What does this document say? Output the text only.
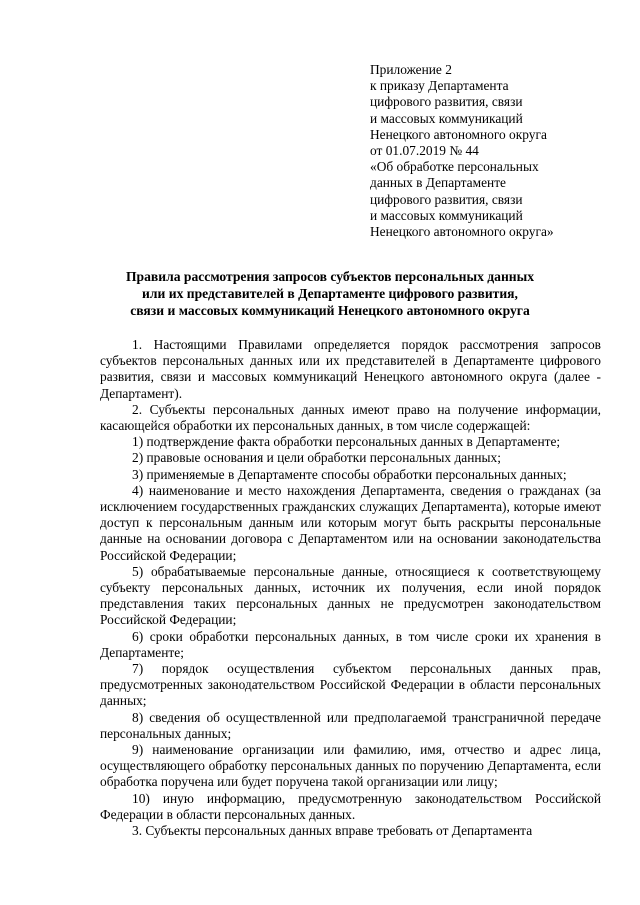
Приложение 2
к приказу Департамента
цифрового развития, связи
и массовых коммуникаций
Ненецкого автономного округа
от 01.07.2019 № 44
«Об обработке персональных
данных в Департаменте
цифрового развития, связи
и массовых коммуникаций
Ненецкого автономного округа»
Правила рассмотрения запросов субъектов персональных данных
или их представителей в Департаменте цифрового развития,
связи и массовых коммуникаций Ненецкого автономного округа

1. Настоящими Правилами определяется порядок рассмотрения запросов субъектов персональных данных или их представителей в Департаменте цифрового развития, связи и массовых коммуникаций Ненецкого автономного округа (далее - Департамент).

2. Субъекты персональных данных имеют право на получение информации, касающейся обработки их персональных данных, в том числе содержащей:

1) подтверждение факта обработки персональных данных в Департаменте;

2) правовые основания и цели обработки персональных данных;

3) применяемые в Департаменте способы обработки персональных данных;

4) наименование и место нахождения Департамента, сведения о гражданах (за исключением государственных гражданских служащих Департамента), которые имеют доступ к персональным данным или которым могут быть раскрыты персональные данные на основании договора с Департаментом или на основании законодательства Российской Федерации;

5) обрабатываемые персональные данные, относящиеся к соответствующему субъекту персональных данных, источник их получения, если иной порядок представления таких персональных данных не предусмотрен законодательством Российской Федерации;

6) сроки обработки персональных данных, в том числе сроки их хранения в Департаменте;

7) порядок осуществления субъектом персональных данных прав, предусмотренных законодательством Российской Федерации в области персональных данных;

8) сведения об осуществленной или предполагаемой трансграничной передаче персональных данных;

9) наименование организации или фамилию, имя, отчество и адрес лица, осуществляющего обработку персональных данных по поручению Департамента, если обработка поручена или будет поручена такой организации или лицу;

10) иную информацию, предусмотренную законодательством Российской Федерации в области персональных данных.

3. Субъекты персональных данных вправе требовать от Департамента
